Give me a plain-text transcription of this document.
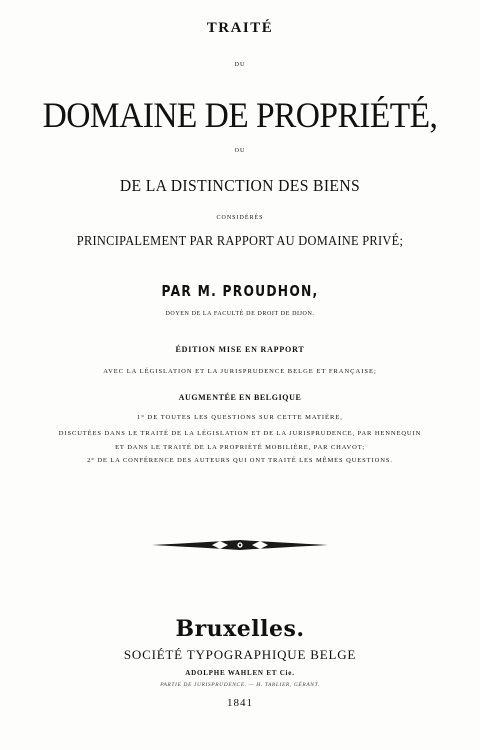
TRAITÉ
DU
DOMAINE DE PROPRIÉTÉ,
OU
DE LA DISTINCTION DES BIENS
CONSIDÉRÉS
PRINCIPALEMENT PAR RAPPORT AU DOMAINE PRIVÉ;
PAR M. PROUDHON,
DOYEN DE LA FACULTÉ DE DROIT DE DIJON.
ÉDITION MISE EN RAPPORT
AVEC LA LÉGISLATION ET LA JURISPRUDENCE BELGE ET FRANÇAISE;
AUGMENTÉE EN BELGIQUE
1° DE TOUTES LES QUESTIONS SUR CETTE MATIÈRE,
DISCUTÉES DANS LE TRAITÉ DE LA LÉGISLATION ET DE LA JURISPRUDENCE, PAR HENNEQUIN
ET DANS LE TRAITÉ DE LA PROPRIÉTÉ MOBILIÈRE, PAR CHAVOT;
2° DE LA CONFÉRENCE DES AUTEURS QUI ONT TRAITÉ LES MÊMES QUESTIONS.
Bruxelles.
SOCIÉTÉ TYPOGRAPHIQUE BELGE
ADOLPHE WAHLEN ET Cie.
PARTIE DE JURISPRUDENCE. — H. TARLIER, GÉRANT.
1841
